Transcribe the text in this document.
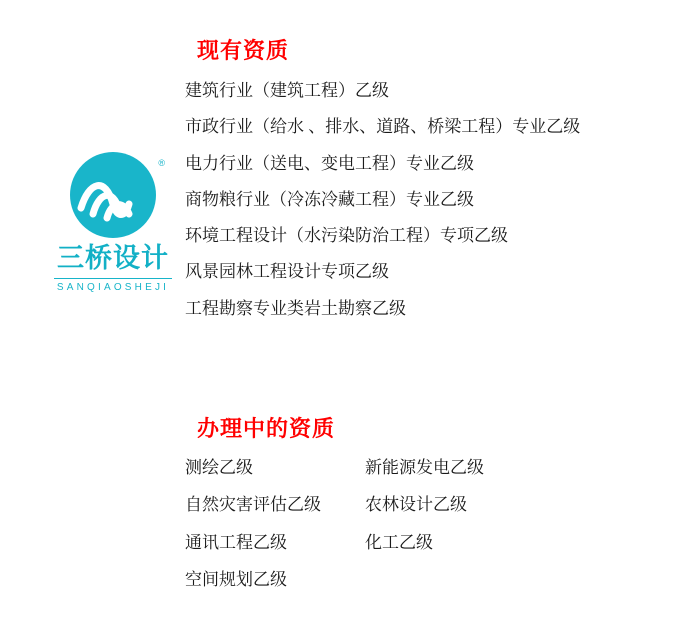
®
三桥设计
SANQIAOSHEJI
现有资质
建筑行业（建筑工程）乙级
市政行业（给水 、排水、道路、桥梁工程）专业乙级
电力行业（送电、变电工程）专业乙级
商物粮行业（冷冻冷藏工程）专业乙级
环境工程设计（水污染防治工程）专项乙级
风景园林工程设计专项乙级
工程勘察专业类岩土勘察乙级
办理中的资质
测绘乙级	新能源发电乙级
自然灾害评估乙级	农林设计乙级
通讯工程乙级	化工乙级
空间规划乙级
